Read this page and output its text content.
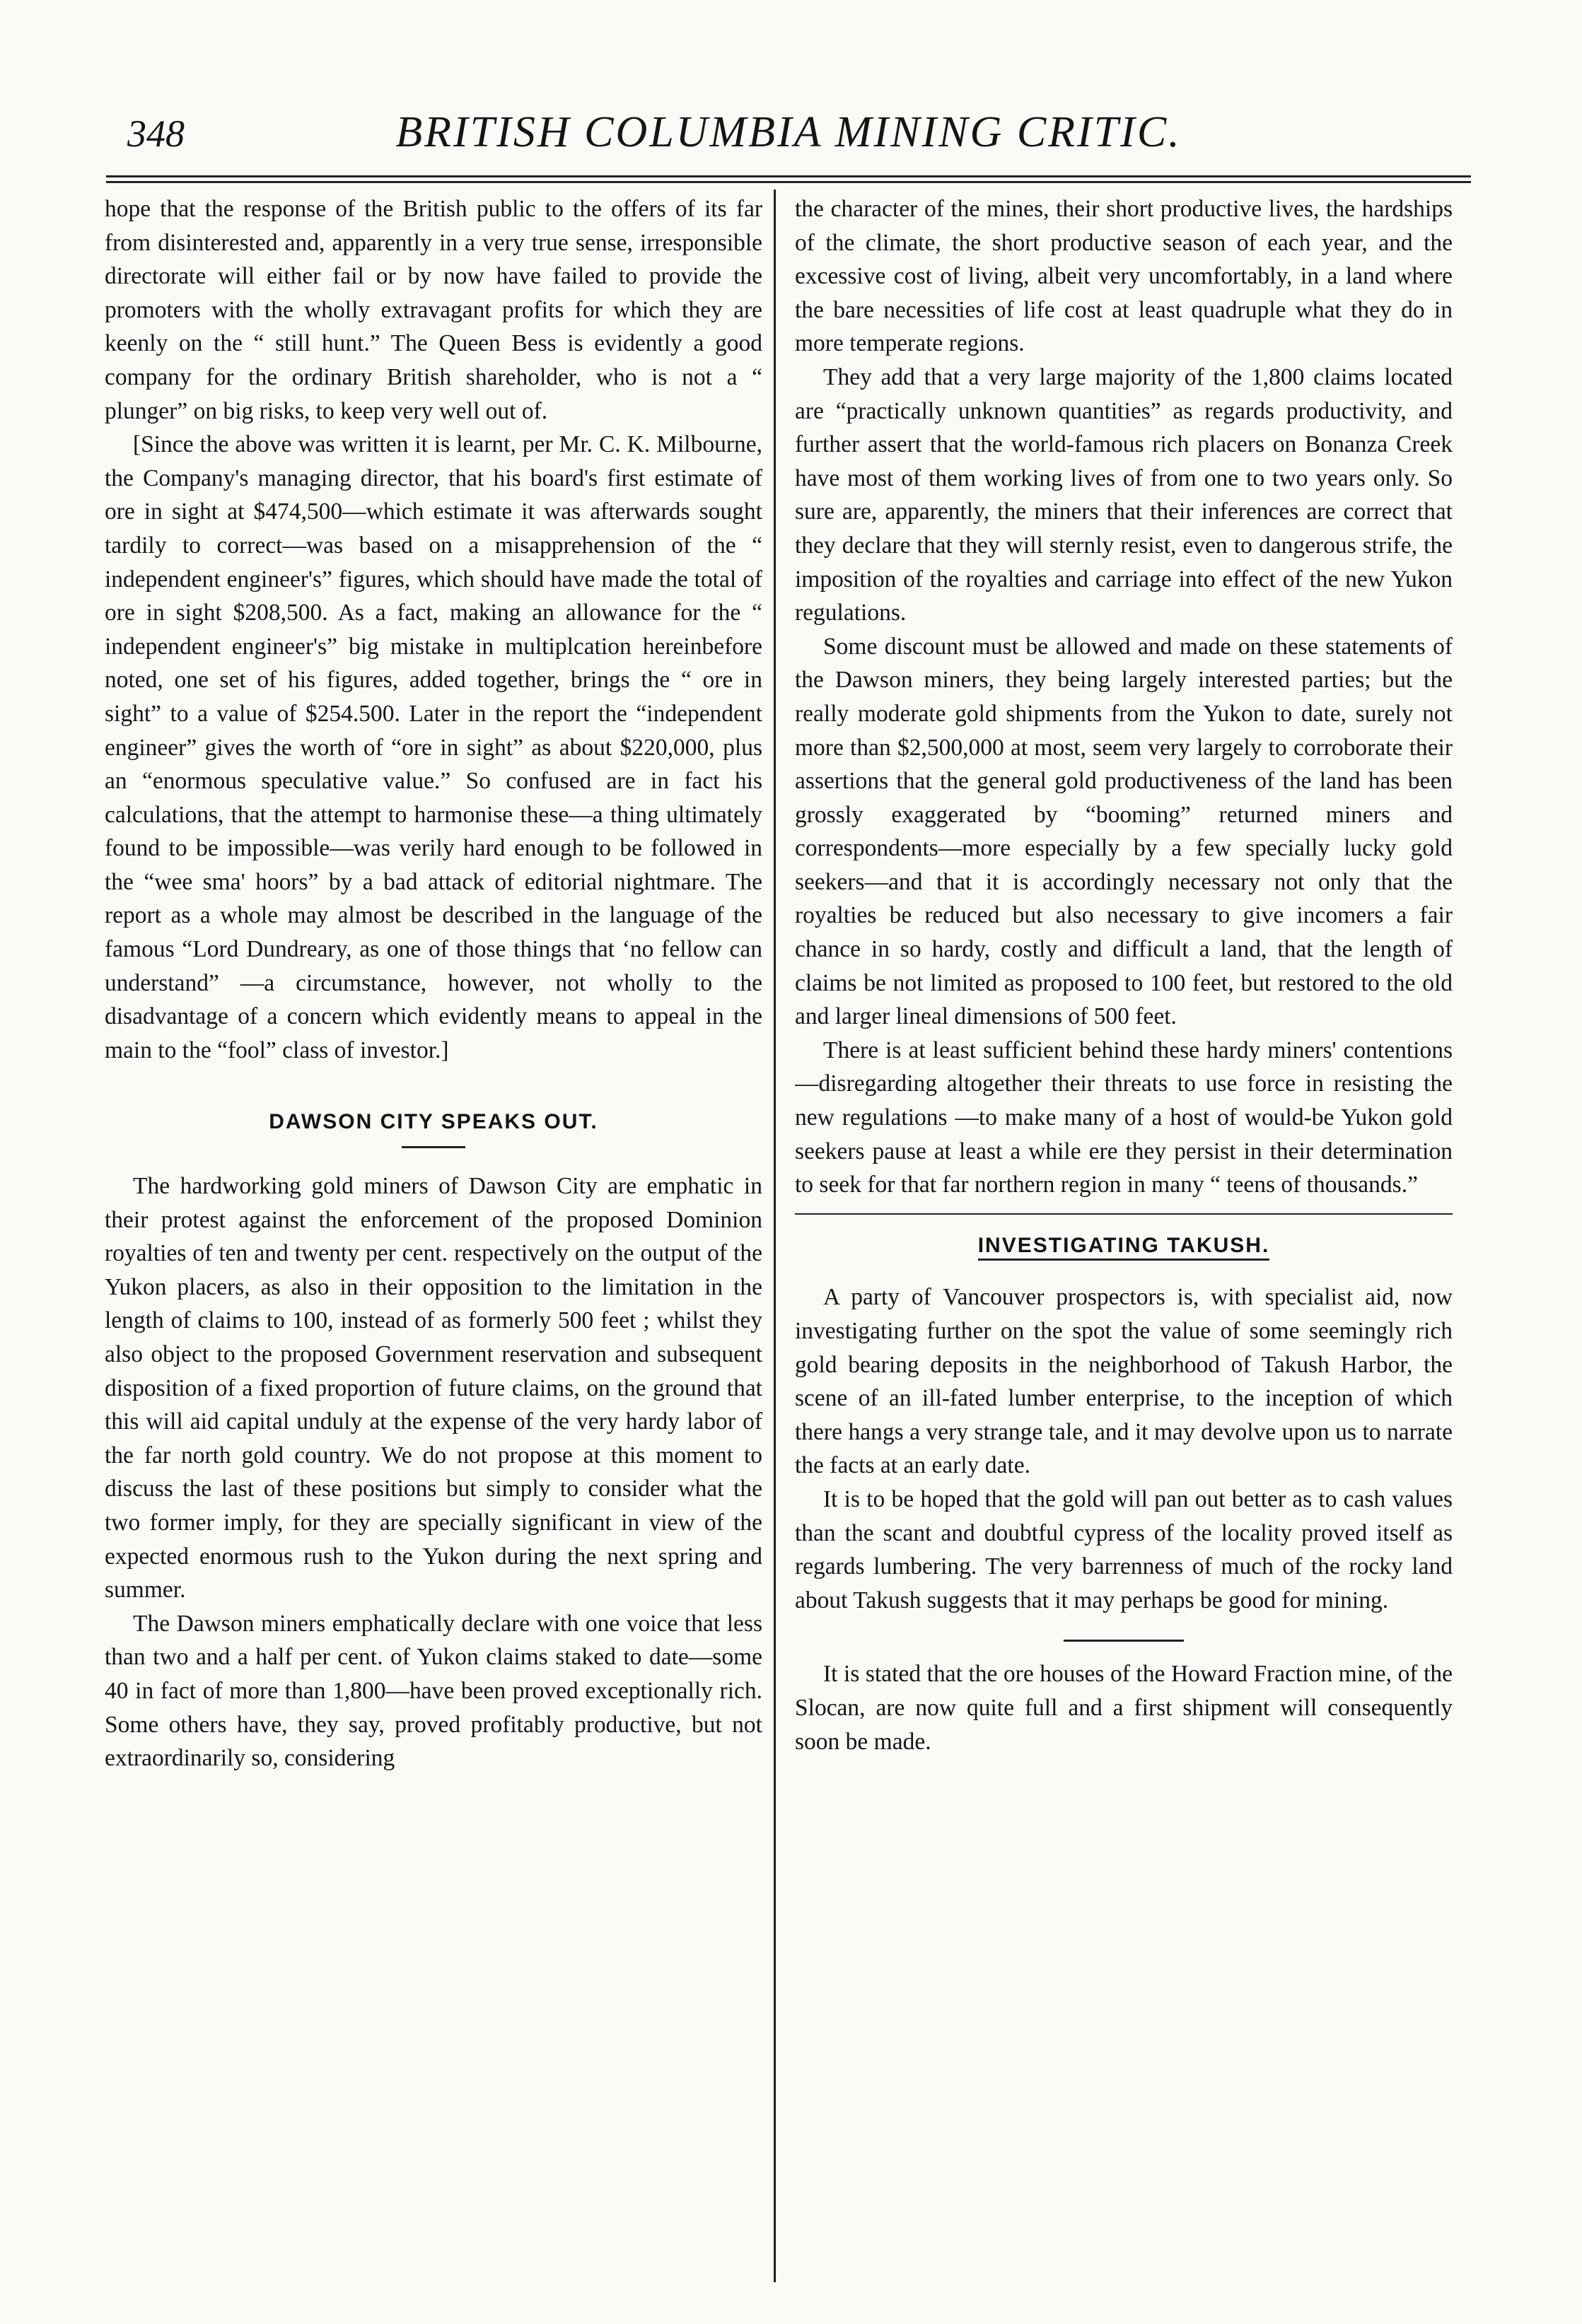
348	BRITISH COLUMBIA MINING CRITIC.

hope that the response of the British public to the offers of its far from disinterested and, apparently in a very true sense, irresponsible directorate will either fail or by now have failed to provide the promoters with the wholly extravagant profits for which they are keenly on the “ still hunt.” The Queen Bess is evidently a good company for the ordinary British shareholder, who is not a “ plunger” on big risks, to keep very well out of.

[Since the above was written it is learnt, per Mr. C. K. Milbourne, the Company's managing director, that his board's first estimate of ore in sight at $474,500—which estimate it was afterwards sought tardily to correct—was based on a misapprehension of the “ independent engineer's” figures, which should have made the total of ore in sight $208,500. As a fact, making an allowance for the “ independent engineer's” big mistake in multiplcation hereinbefore noted, one set of his figures, added together, brings the “ ore in sight” to a value of $254.500. Later in the report the “independent engineer” gives the worth of “ore in sight” as about $220,000, plus an “enormous speculative value.” So confused are in fact his calculations, that the attempt to harmonise these—a thing ultimately found to be impossible—was verily hard enough to be followed in the “wee sma' hoors” by a bad attack of editorial nightmare. The report as a whole may almost be described in the language of the famous “Lord Dundreary, as one of those things that ‘no fellow can understand” —a circumstance, however, not wholly to the disadvantage of a concern which evidently means to appeal in the main to the “fool” class of investor.]

DAWSON CITY SPEAKS OUT.

The hardworking gold miners of Dawson City are emphatic in their protest against the enforcement of the proposed Dominion royalties of ten and twenty per cent. respectively on the output of the Yukon placers, as also in their opposition to the limitation in the length of claims to 100, instead of as formerly 500 feet ; whilst they also object to the proposed Government reservation and subsequent disposition of a fixed proportion of future claims, on the ground that this will aid capital unduly at the expense of the very hardy labor of the far north gold country. We do not propose at this moment to discuss the last of these positions but simply to consider what the two former imply, for they are specially significant in view of the expected enormous rush to the Yukon during the next spring and summer.

The Dawson miners emphatically declare with one voice that less than two and a half per cent. of Yukon claims staked to date—some 40 in fact of more than 1,800—have been proved exceptionally rich. Some others have, they say, proved profitably productive, but not extraordinarily so, considering

the character of the mines, their short productive lives, the hardships of the climate, the short productive season of each year, and the excessive cost of living, albeit very uncomfortably, in a land where the bare necessities of life cost at least quadruple what they do in more temperate regions.

They add that a very large majority of the 1,800 claims located are “practically unknown quantities” as regards productivity, and further assert that the world-famous rich placers on Bonanza Creek have most of them working lives of from one to two years only. So sure are, apparently, the miners that their inferences are correct that they declare that they will sternly resist, even to dangerous strife, the imposition of the royalties and carriage into effect of the new Yukon regulations.

Some discount must be allowed and made on these statements of the Dawson miners, they being largely interested parties; but the really moderate gold shipments from the Yukon to date, surely not more than $2,500,000 at most, seem very largely to corroborate their assertions that the general gold productiveness of the land has been grossly exaggerated by “booming” returned miners and correspondents—more especially by a few specially lucky gold seekers—and that it is accordingly necessary not only that the royalties be reduced but also necessary to give incomers a fair chance in so hardy, costly and difficult a land, that the length of claims be not limited as proposed to 100 feet, but restored to the old and larger lineal dimensions of 500 feet.

There is at least sufficient behind these hardy miners' contentions—disregarding altogether their threats to use force in resisting the new regulations —to make many of a host of would-be Yukon gold seekers pause at least a while ere they persist in their determination to seek for that far northern region in many “ teens of thousands.”

INVESTIGATING TAKUSH.

A party of Vancouver prospectors is, with specialist aid, now investigating further on the spot the value of some seemingly rich gold bearing deposits in the neighborhood of Takush Harbor, the scene of an ill-fated lumber enterprise, to the inception of which there hangs a very strange tale, and it may devolve upon us to narrate the facts at an early date.

It is to be hoped that the gold will pan out better as to cash values than the scant and doubtful cypress of the locality proved itself as regards lumbering. The very barrenness of much of the rocky land about Takush suggests that it may perhaps be good for mining.

It is stated that the ore houses of the Howard Fraction mine, of the Slocan, are now quite full and a first shipment will consequently soon be made.
